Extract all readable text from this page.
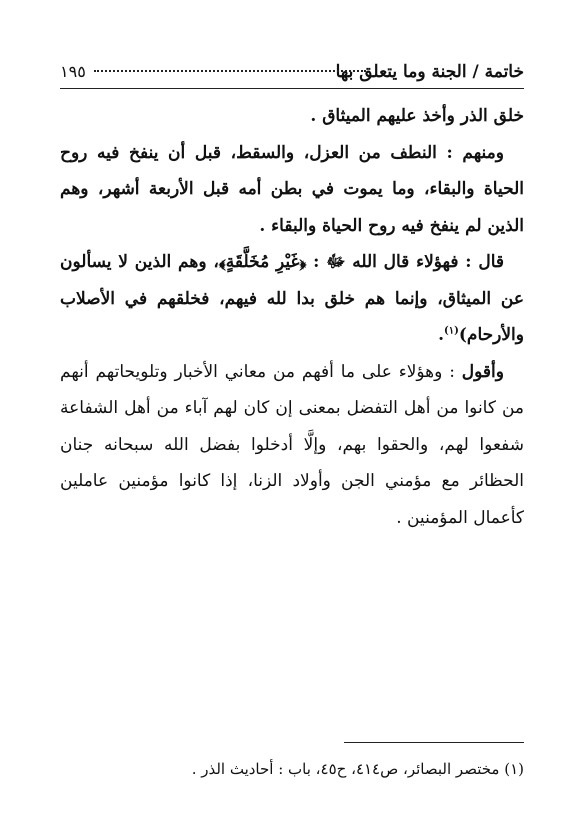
خاتمة / الجنة وما يتعلق بها
١٩٥

خلق الذر وأخذ عليهم الميثاق .

ومنهم : النطف من العزل، والسقط، قبل أن ينفخ فيه روح الحياة والبقاء، وما يموت في بطن أمه قبل الأربعة أشهر، وهم الذين لم ينفخ فيه روح الحياة والبقاء .

قال : فهؤلاء قال الله ﷻ : ﴿غَيْرِ مُخَلَّقَةٍ﴾، وهم الذين لا يسألون عن الميثاق، وإنما هم خلق بدا لله فيهم، فخلقهم في الأصلاب والأرحام)$^{(١)}$.

وأقول : وهؤلاء على ما أفهم من معاني الأخبار وتلويحاتهم أنهم من كانوا من أهل التفضل بمعنى إن كان لهم آباء من أهل الشفاعة شفعوا لهم، والحقوا بهم، وإلَّا أدخلوا بفضل الله سبحانه جنان الحظائر مع مؤمني الجن وأولاد الزنا، إذا كانوا مؤمنين عاملين كأعمال المؤمنين .

(١) مختصر البصائر، ص٤١٤، ح٤٥، باب : أحاديث الذر .
